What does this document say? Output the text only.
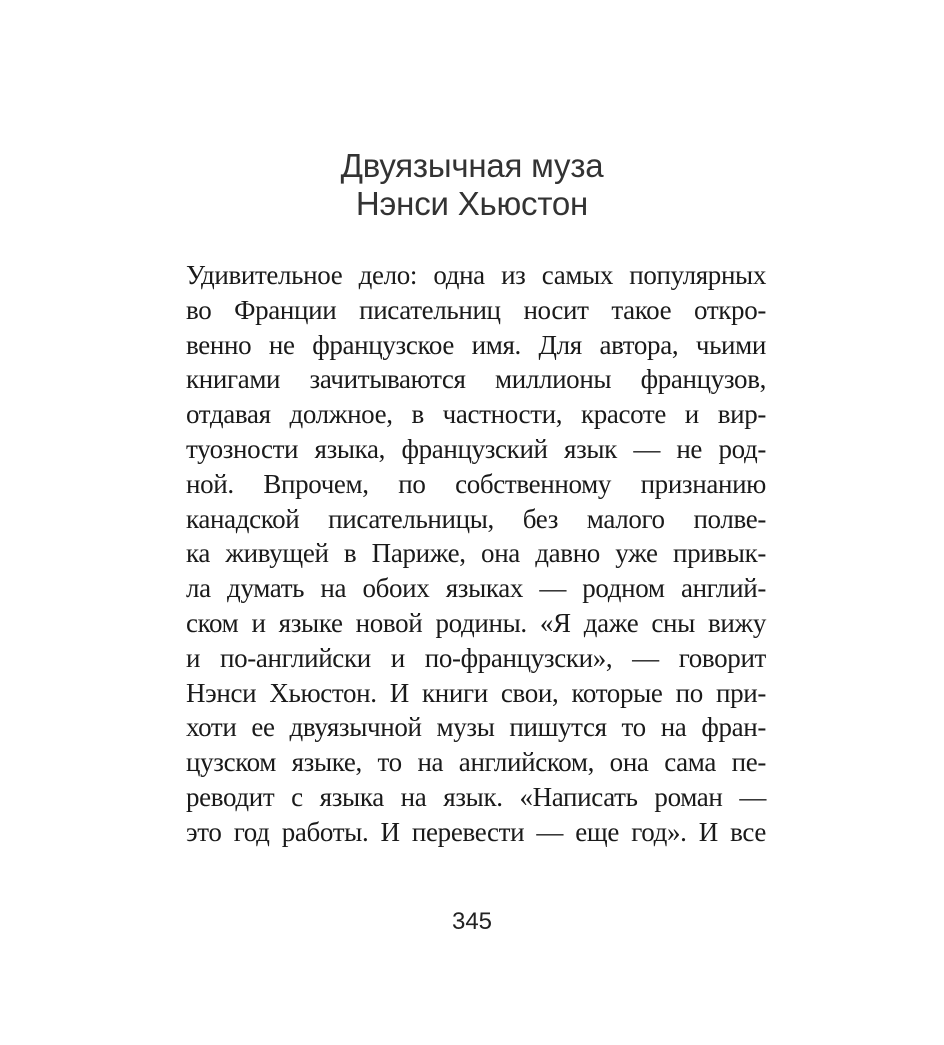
Двуязычная муза
Нэнси Хьюстон
Удивительное дело: одна из самых популярных
во Франции писательниц носит такое откро-
венно не французское имя. Для автора, чьими
книгами зачитываются миллионы французов,
отдавая должное, в частности, красоте и вир-
туозности языка, французский язык — не род-
ной. Впрочем, по собственному признанию
канадской писательницы, без малого полве-
ка живущей в Париже, она давно уже привык-
ла думать на обоих языках — родном англий-
ском и языке новой родины. «Я даже сны вижу
и по-английски и по-французски», — говорит
Нэнси Хьюстон. И книги свои, которые по при-
хоти ее двуязычной музы пишутся то на фран-
цузском языке, то на английском, она сама пе-
реводит с языка на язык. «Написать роман —
это год работы. И перевести — еще год». И все
345
